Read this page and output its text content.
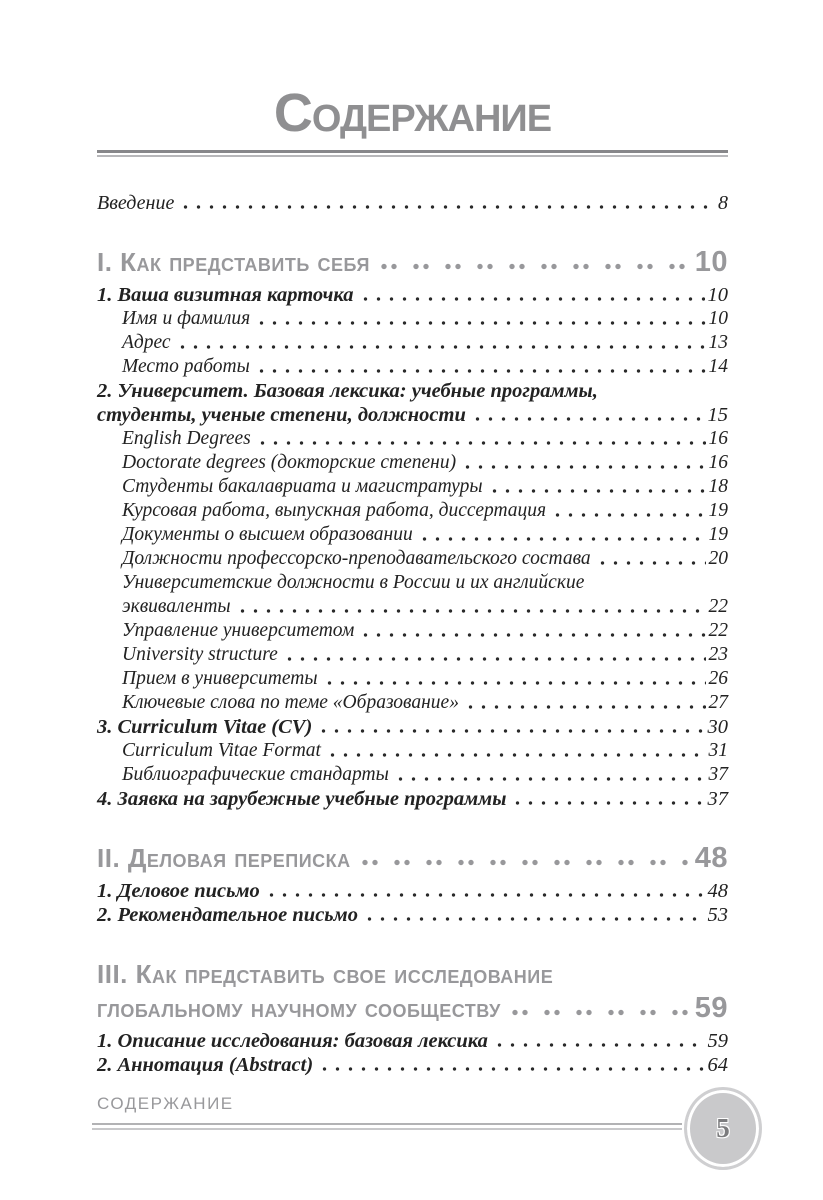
Содержание
Введение	8
I. Как представить себя	10
1. Ваша визитная карточка	10
Имя и фамилия	10
Адрес	13
Место работы	14
2. Университет. Базовая лексика: учебные программы,
студенты, ученые степени, должности	15
English Degrees	16
Doctorate degrees (докторские степени)	16
Студенты бакалавриата и магистратуры	18
Курсовая работа, выпускная работа, диссертация	19
Документы о высшем образовании	19
Должности профессорско-преподавательского состава	20
Университетские должности в России и их английские
эквиваленты	22
Управление университетом	22
University structure	23
Прием в университеты	26
Ключевые слова по теме «Образование»	27
3. Curriculum Vitae (CV)	30
Curriculum Vitae Format	31
Библиографические стандарты	37
4. Заявка на зарубежные учебные программы	37
II. Деловая переписка	48
1. Деловое письмо	48
2. Рекомендательное письмо	53
III. Как представить свое исследование
глобальному научному сообществу	59
1. Описание исследования: базовая лексика	59
2. Аннотация (Abstract)	64
СОДЕРЖАНИЕ
5
